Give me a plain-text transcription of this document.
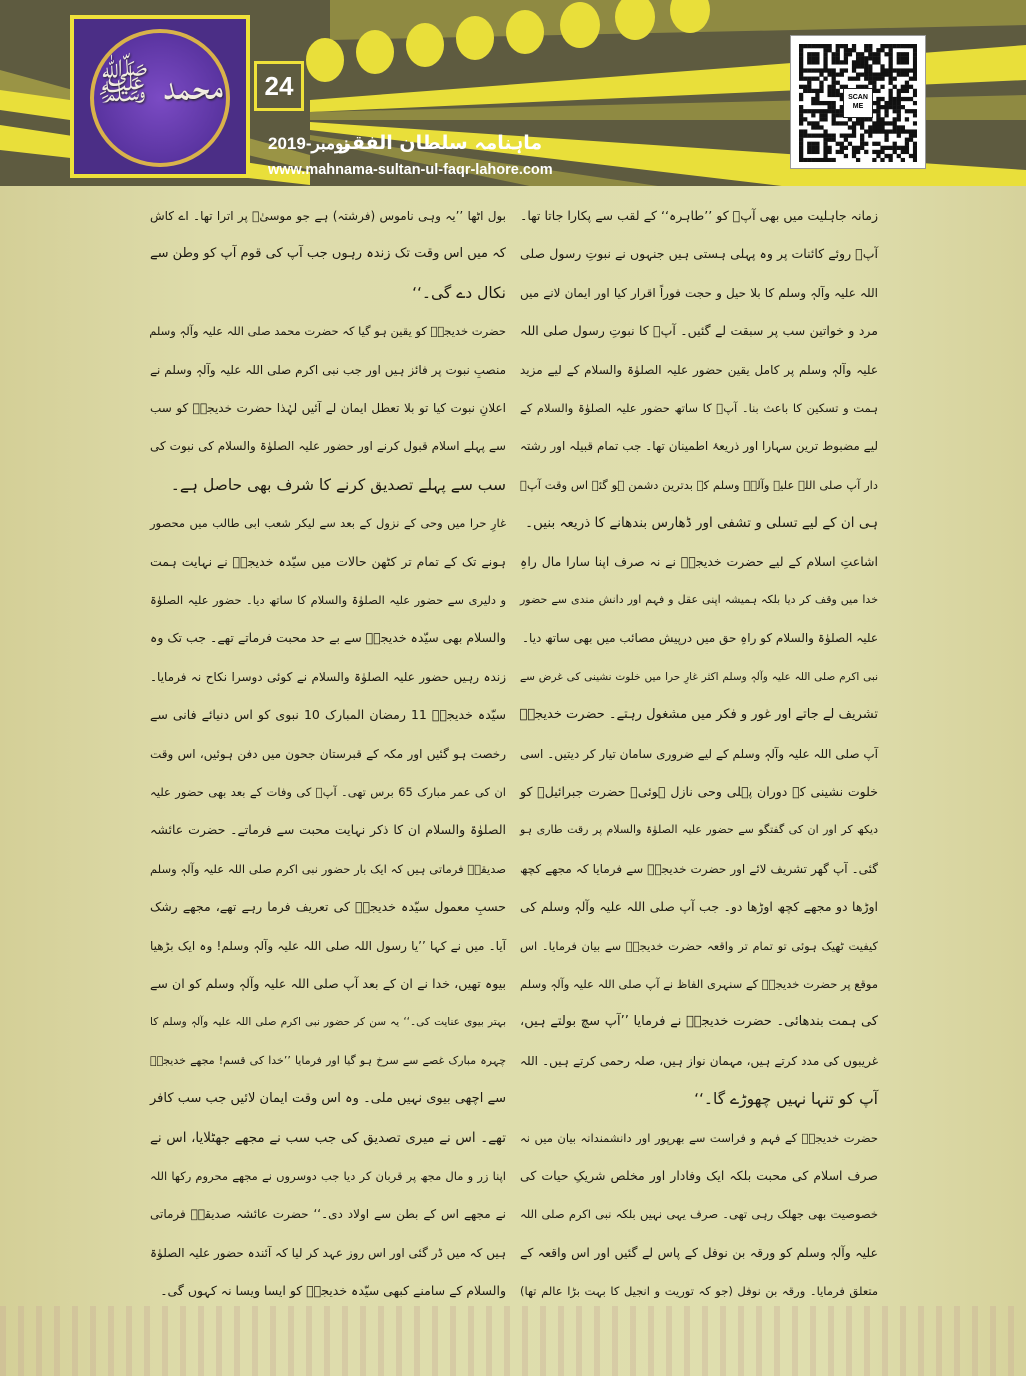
محمد ﷺ	24
ماہنامہ سلطان الفقر
نومبر-2019
www.mahnama-sultan-ul-faqr-lahore.com
SCAN ME
زمانہ جاہلیت میں بھی آپؓ کو ’’طاہرہ‘‘ کے لقب سے پکارا جاتا تھا۔
آپؓ روئے کائنات پر وہ پہلی ہستی ہیں جنہوں نے نبوتِ رسول صلی
اللہ علیہ وآلہٖ وسلم کا بلا حیل و حجت فوراً اقرار کیا اور ایمان لانے میں
مرد و خواتین سب پر سبقت لے گئیں۔ آپؓ کا نبوتِ رسول صلی اللہ
علیہ وآلہٖ وسلم پر کامل یقین حضور علیہ الصلوٰۃ والسلام کے لیے مزید
ہمت و تسکین کا باعث بنا۔ آپؓ کا ساتھ حضور علیہ الصلوٰۃ والسلام کے
لیے مضبوط ترین سہارا اور ذریعۂ اطمینان تھا۔ جب تمام قبیلہ اور رشتہ
دار آپ صلی اللہ علیہ وآلہٖ وسلم کے بدترین دشمن ہو گئے اس وقت آپؓ
ہی ان کے لیے تسلی و تشفی اور ڈھارس بندھانے کا ذریعہ بنیں۔
اشاعتِ اسلام کے لیے حضرت خدیجہؓ نے نہ صرف اپنا سارا مال راہِ
خدا میں وقف کر دیا بلکہ ہمیشہ اپنی عقل و فہم اور دانش مندی سے حضور
علیہ الصلوٰۃ والسلام کو راہِ حق میں درپیش مصائب میں بھی ساتھ دیا۔
نبی اکرم صلی اللہ علیہ وآلہٖ وسلم اکثر غارِ حرا میں خلوت نشینی کی غرض سے
تشریف لے جاتے اور غور و فکر میں مشغول رہتے۔ حضرت خدیجہؓ
آپ صلی اللہ علیہ وآلہٖ وسلم کے لیے ضروری سامان تیار کر دیتیں۔ اسی
خلوت نشینی کے دوران پہلی وحی نازل ہوئی۔ حضرت جبرائیلؑ کو
دیکھ کر اور ان کی گفتگو سے حضور علیہ الصلوٰۃ والسلام پر رقت طاری ہو
گئی۔ آپ گھر تشریف لائے اور حضرت خدیجہؓ سے فرمایا کہ مجھے کچھ
اوڑھا دو مجھے کچھ اوڑھا دو۔ جب آپ صلی اللہ علیہ وآلہٖ وسلم کی
کیفیت ٹھیک ہوئی تو تمام تر واقعہ حضرت خدیجہؓ سے بیان فرمایا۔ اس
موقع پر حضرت خدیجہؓ کے سنہری الفاظ نے آپ صلی اللہ علیہ وآلہٖ وسلم
کی ہمت بندھائی۔ حضرت خدیجہؓ نے فرمایا ’’آپ سچ بولتے ہیں،
غریبوں کی مدد کرتے ہیں، مہمان نواز ہیں، صلہ رحمی کرتے ہیں۔ اللہ
آپ کو تنہا نہیں چھوڑے گا۔‘‘
حضرت خدیجہؓ کے فہم و فراست سے بھرپور اور دانشمندانہ بیان میں نہ
صرف اسلام کی محبت بلکہ ایک وفادار اور مخلص شریکِ حیات کی
خصوصیت بھی جھلک رہی تھی۔ صرف یہی نہیں بلکہ نبی اکرم صلی اللہ
علیہ وآلہٖ وسلم کو ورقہ بن نوفل کے پاس لے گئیں اور اس واقعہ کے
متعلق فرمایا۔ ورقہ بن نوفل (جو کہ توریت و انجیل کا بہت بڑا عالم تھا)
بول اٹھا ’’یہ وہی ناموس (فرشتہ) ہے جو موسیٰؑ پر اترا تھا۔ اے کاش
کہ میں اس وقت تک زندہ رہوں جب آپ کی قوم آپ کو وطن سے
نکال دے گی۔‘‘
حضرت خدیجہؓ کو یقین ہو گیا کہ حضرت محمد صلی اللہ علیہ وآلہٖ وسلم
منصبِ نبوت پر فائز ہیں اور جب نبی اکرم صلی اللہ علیہ وآلہٖ وسلم نے
اعلانِ نبوت کیا تو بلا تعطل ایمان لے آئیں لہٰذا حضرت خدیجہؓ کو سب
سے پہلے اسلام قبول کرنے اور حضور علیہ الصلوٰۃ والسلام کی نبوت کی
سب سے پہلے تصدیق کرنے کا شرف بھی حاصل ہے۔
غارِ حرا میں وحی کے نزول کے بعد سے لیکر شعب ابی طالب میں محصور
ہونے تک کے تمام تر کٹھن حالات میں سیّدہ خدیجہؓ نے نہایت ہمت
و دلیری سے حضور علیہ الصلوٰۃ والسلام کا ساتھ دیا۔ حضور علیہ الصلوٰۃ
والسلام بھی سیّدہ خدیجہؓ سے بے حد محبت فرماتے تھے۔ جب تک وہ
زندہ رہیں حضور علیہ الصلوٰۃ والسلام نے کوئی دوسرا نکاح نہ فرمایا۔
سیّدہ خدیجہؓ 11 رمضان المبارک 10 نبوی کو اس دنیائے فانی سے
رخصت ہو گئیں اور مکہ کے قبرستان جحون میں دفن ہوئیں، اس وقت
ان کی عمر مبارک 65 برس تھی۔ آپؓ کی وفات کے بعد بھی حضور علیہ
الصلوٰۃ والسلام ان کا ذکر نہایت محبت سے فرماتے۔ حضرت عائشہ
صدیقہؓ فرماتی ہیں کہ ایک بار حضور نبی اکرم صلی اللہ علیہ وآلہٖ وسلم
حسبِ معمول سیّدہ خدیجہؓ کی تعریف فرما رہے تھے، مجھے رشک
آیا۔ میں نے کہا ’’یا رسول اللہ صلی اللہ علیہ وآلہٖ وسلم! وہ ایک بڑھیا
بیوہ تھیں، خدا نے ان کے بعد آپ صلی اللہ علیہ وآلہٖ وسلم کو ان سے
بہتر بیوی عنایت کی۔‘‘ یہ سن کر حضور نبی اکرم صلی اللہ علیہ وآلہٖ وسلم کا
چہرہ مبارک غصے سے سرخ ہو گیا اور فرمایا ’’خدا کی قسم! مجھے خدیجہؓ
سے اچھی بیوی نہیں ملی۔ وہ اس وقت ایمان لائیں جب سب کافر
تھے۔ اس نے میری تصدیق کی جب سب نے مجھے جھٹلایا، اس نے
اپنا زر و مال مجھ پر قربان کر دیا جب دوسروں نے مجھے محروم رکھا اللہ
نے مجھے اس کے بطن سے اولاد دی۔‘‘ حضرت عائشہ صدیقہؓ فرماتی
ہیں کہ میں ڈر گئی اور اس روز عہد کر لیا کہ آئندہ حضور علیہ الصلوٰۃ
والسلام کے سامنے کبھی سیّدہ خدیجہؓ کو ایسا ویسا نہ کہوں گی۔
